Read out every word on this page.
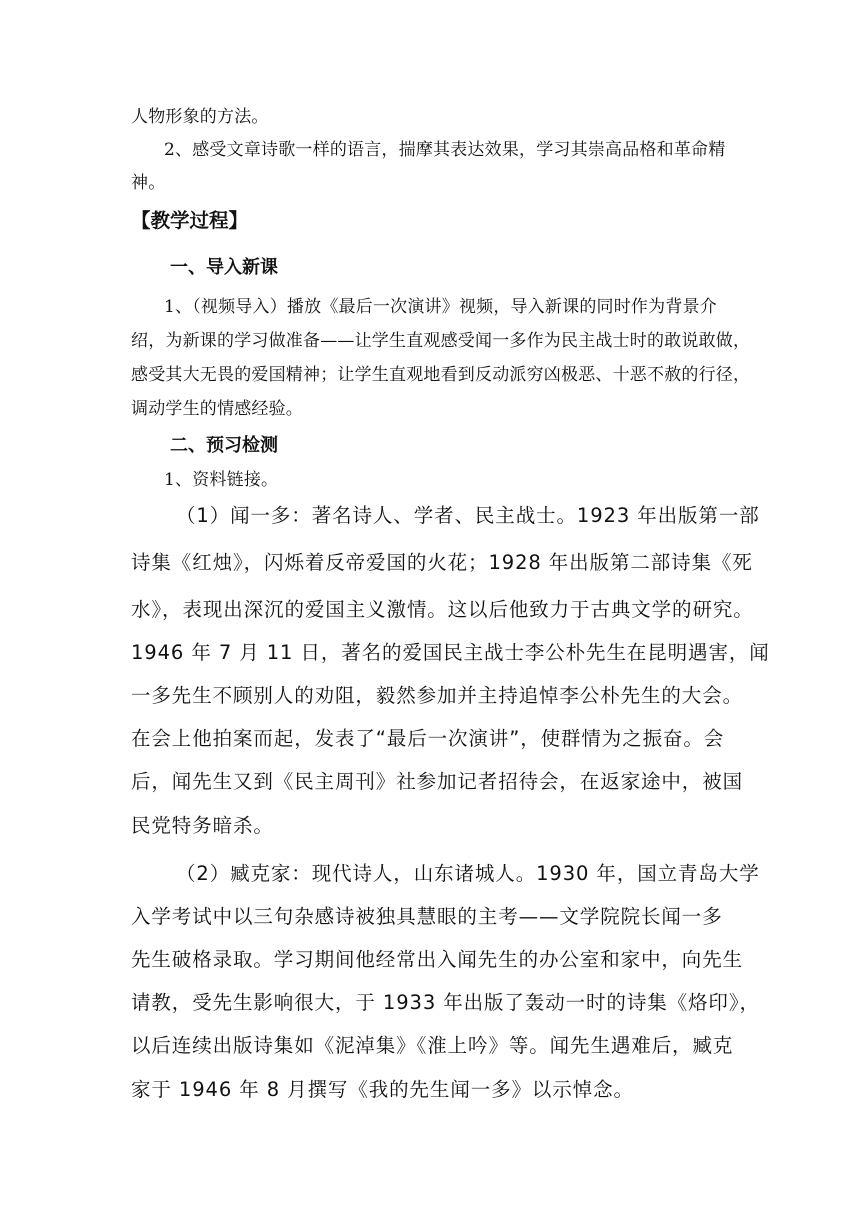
人物形象的方法。
2、感受文章诗歌一样的语言，揣摩其表达效果，学习其崇高品格和革命精
神。
【教学过程】
一、导入新课
1、（视频导入）播放《最后一次演讲》视频，导入新课的同时作为背景介
绍，为新课的学习做准备——让学生直观感受闻一多作为民主战士时的敢说敢做，
感受其大无畏的爱国精神；让学生直观地看到反动派穷凶极恶、十恶不赦的行径，
调动学生的情感经验。
二、预习检测
1、资料链接。
（1）闻一多：著名诗人、学者、民主战士。1923 年出版第一部
诗集《红烛》，闪烁着反帝爱国的火花；1928 年出版第二部诗集《死
水》，表现出深沉的爱国主义激情。这以后他致力于古典文学的研究。
1946 年 7 月 11 日，著名的爱国民主战士李公朴先生在昆明遇害，闻
一多先生不顾别人的劝阻，毅然参加并主持追悼李公朴先生的大会。
在会上他拍案而起，发表了“最后一次演讲”，使群情为之振奋。会
后，闻先生又到《民主周刊》社参加记者招待会，在返家途中，被国
民党特务暗杀。
（2）臧克家：现代诗人，山东诸城人。1930 年，国立青岛大学
入学考试中以三句杂感诗被独具慧眼的主考——文学院院长闻一多
先生破格录取。学习期间他经常出入闻先生的办公室和家中，向先生
请教，受先生影响很大，于 1933 年出版了轰动一时的诗集《烙印》，
以后连续出版诗集如《泥淖集》《淮上吟》等。闻先生遇难后，臧克
家于 1946 年 8 月撰写《我的先生闻一多》以示悼念。
